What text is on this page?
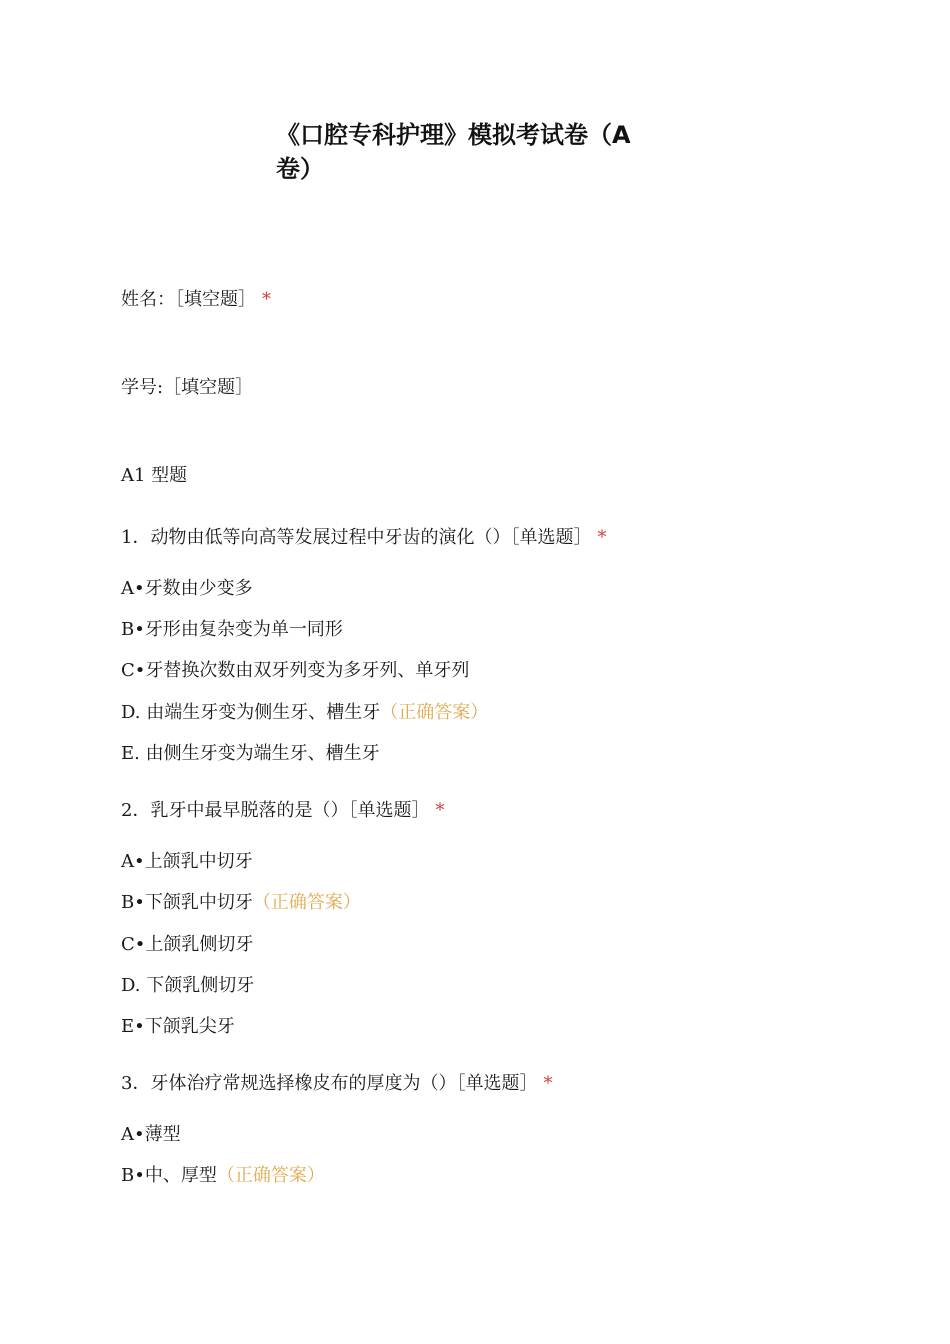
《口腔专科护理》模拟考试卷（A
卷）
姓名：［填空题］ *
学号:［填空题］
A1 型题
1．动物由低等向高等发展过程中牙齿的演化（）［单选题］ *
A•牙数由少变多
B•牙形由复杂变为单一同形
C•牙替换次数由双牙列变为多牙列、单牙列
D. 由端生牙变为侧生牙、槽生牙（正确答案）
E. 由侧生牙变为端生牙、槽生牙
2．乳牙中最早脱落的是（）［单选题］ *
A•上颌乳中切牙
B•下颌乳中切牙（正确答案）
C•上颌乳侧切牙
D. 下颌乳侧切牙
E•下颌乳尖牙
3．牙体治疗常规选择橡皮布的厚度为（）［单选题］ *
A•薄型
B•中、厚型（正确答案）
